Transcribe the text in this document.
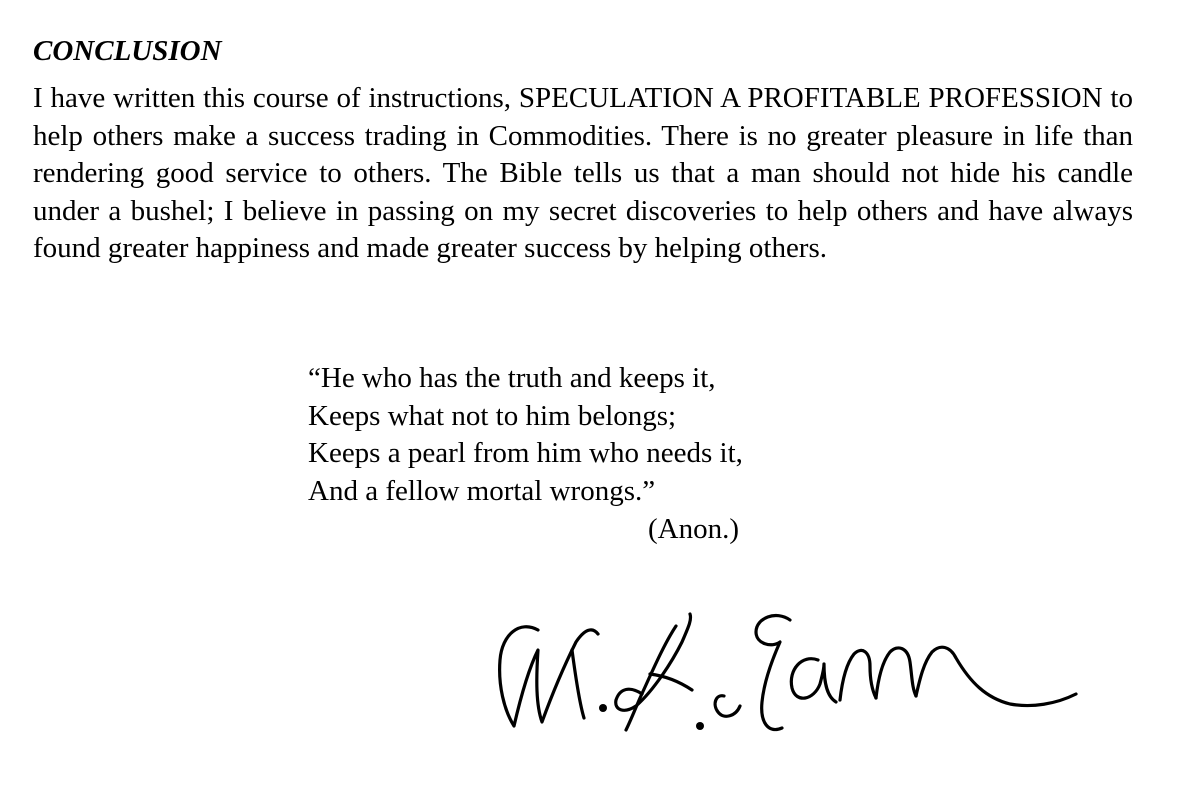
CONCLUSION

I have written this course of instructions, SPECULATION A PROFITABLE PROFESSION to help others make a success trading in Commodities. There is no greater pleasure in life than rendering good service to others. The Bible tells us that a man should not hide his candle under a bushel; I believe in passing on my secret discoveries to help others and have always found greater happiness and made greater success by helping others.

“He who has the truth and keeps it,
Keeps what not to him belongs;
Keeps a pearl from him who needs it,
And a fellow mortal wrongs.”
(Anon.)
